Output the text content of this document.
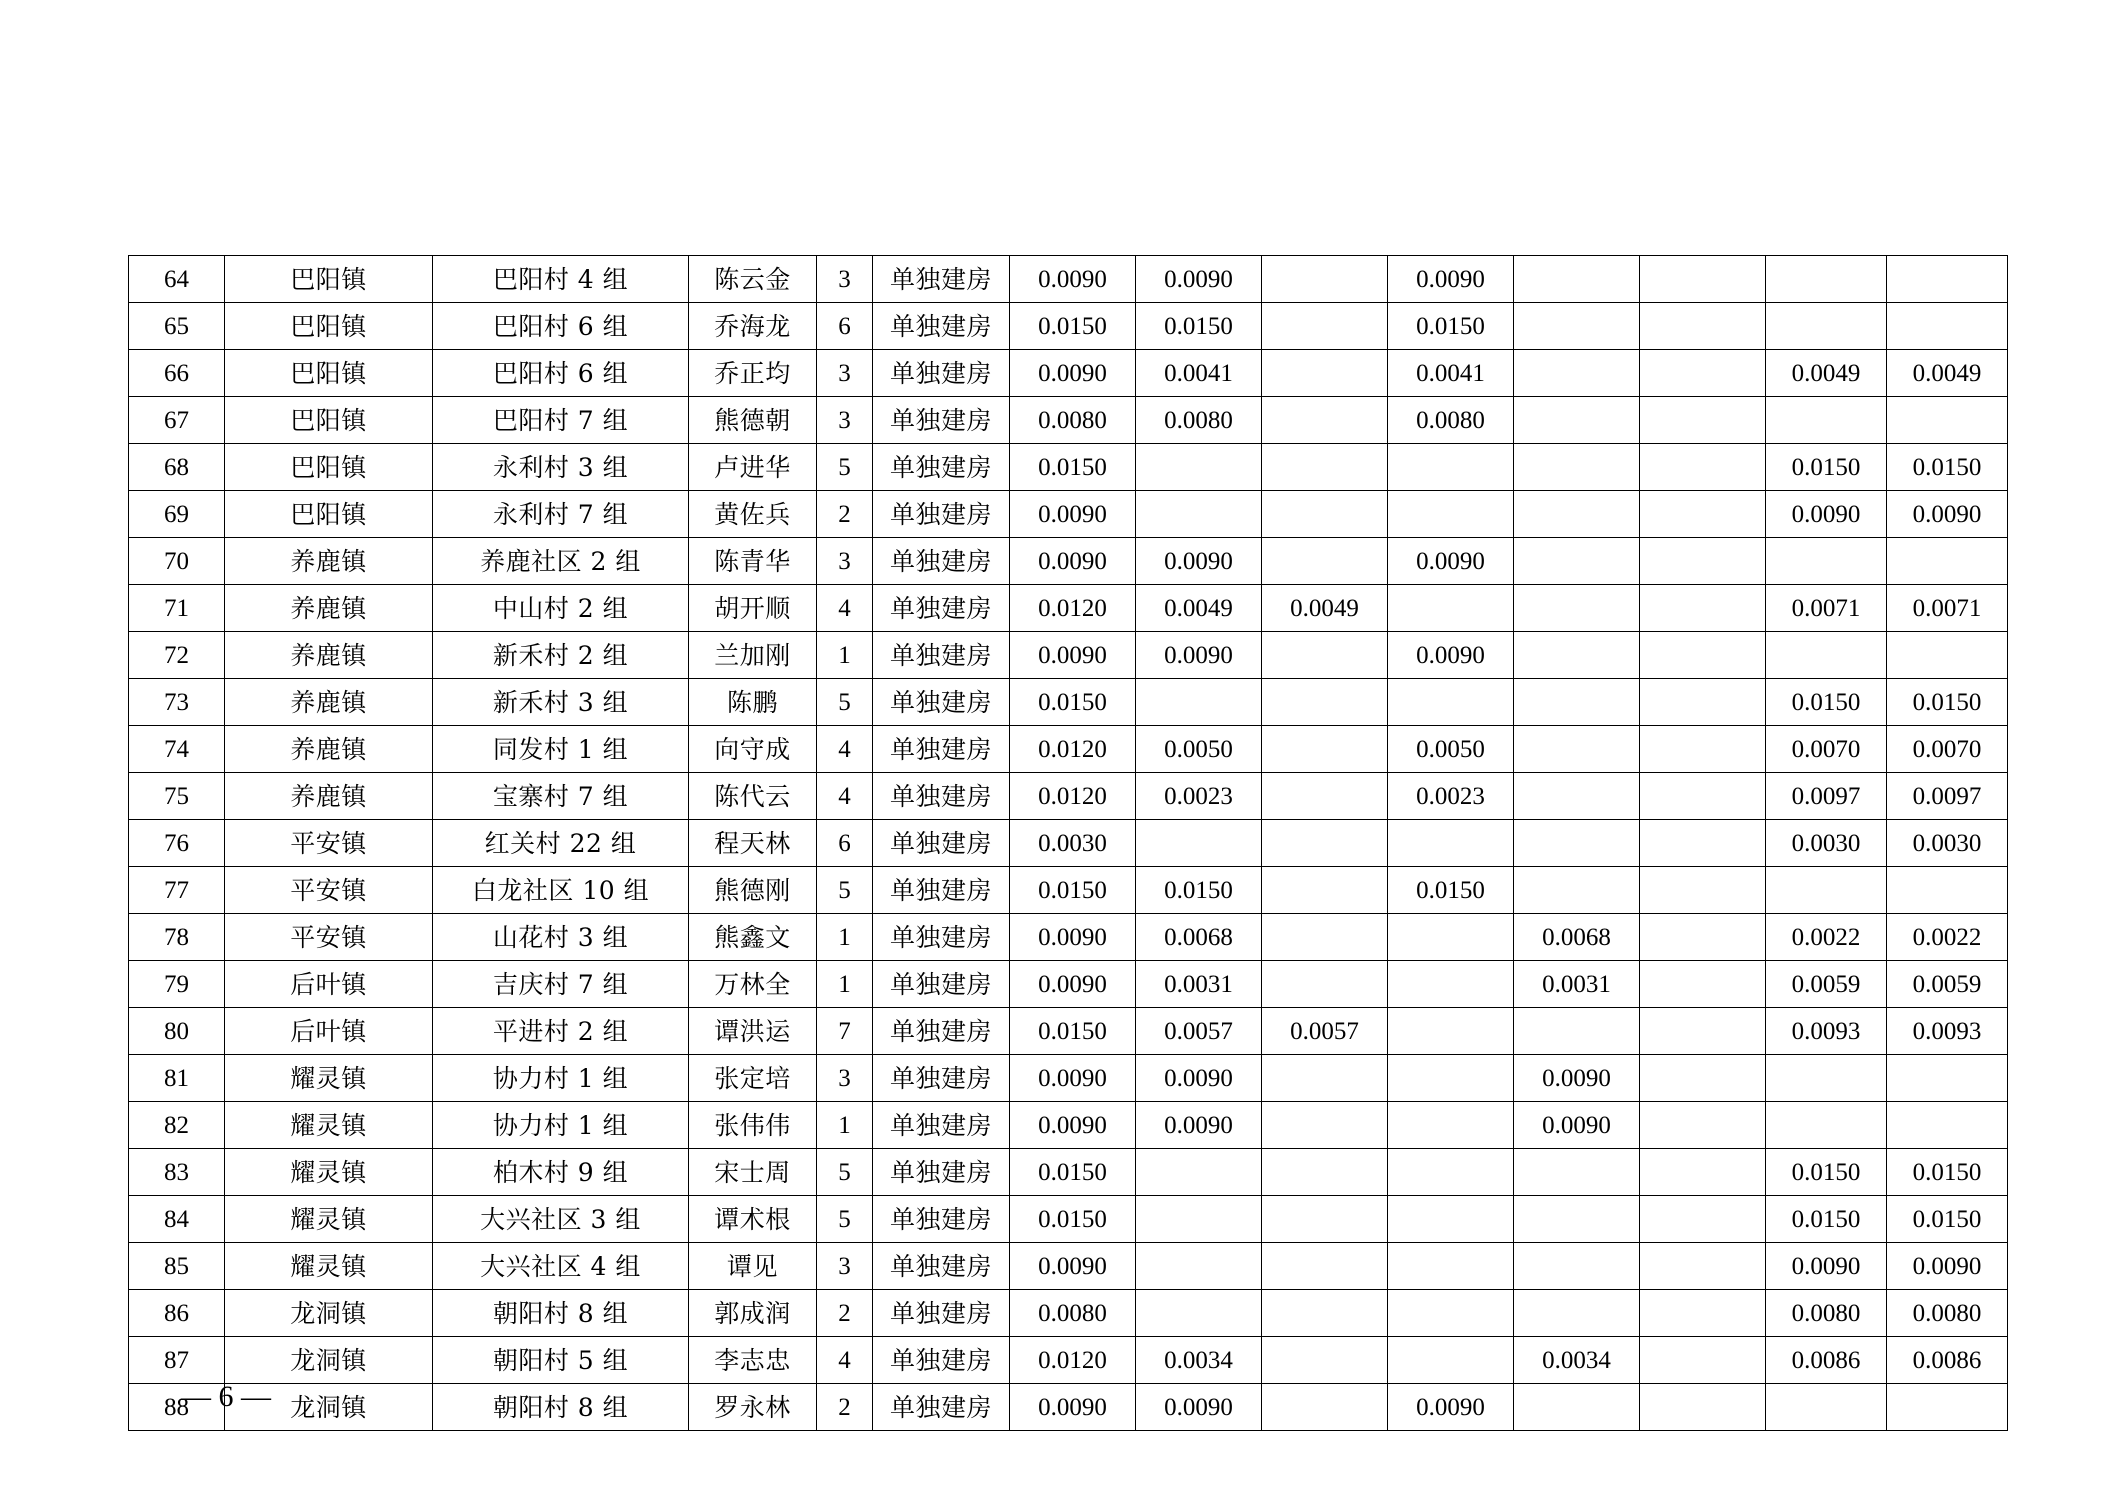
64	巴阳镇	巴阳村 4 组	陈云金	3	单独建房	0.0090	0.0090		0.0090				
65	巴阳镇	巴阳村 6 组	乔海龙	6	单独建房	0.0150	0.0150		0.0150				
66	巴阳镇	巴阳村 6 组	乔正均	3	单独建房	0.0090	0.0041		0.0041			0.0049	0.0049
67	巴阳镇	巴阳村 7 组	熊德朝	3	单独建房	0.0080	0.0080		0.0080				
68	巴阳镇	永利村 3 组	卢进华	5	单独建房	0.0150						0.0150	0.0150
69	巴阳镇	永利村 7 组	黄佐兵	2	单独建房	0.0090						0.0090	0.0090
70	养鹿镇	养鹿社区 2 组	陈青华	3	单独建房	0.0090	0.0090		0.0090				
71	养鹿镇	中山村 2 组	胡开顺	4	单独建房	0.0120	0.0049	0.0049				0.0071	0.0071
72	养鹿镇	新禾村 2 组	兰加刚	1	单独建房	0.0090	0.0090		0.0090				
73	养鹿镇	新禾村 3 组	陈鹏	5	单独建房	0.0150						0.0150	0.0150
74	养鹿镇	同发村 1 组	向守成	4	单独建房	0.0120	0.0050		0.0050			0.0070	0.0070
75	养鹿镇	宝寨村 7 组	陈代云	4	单独建房	0.0120	0.0023		0.0023			0.0097	0.0097
76	平安镇	红关村 22 组	程天林	6	单独建房	0.0030						0.0030	0.0030
77	平安镇	白龙社区 10 组	熊德刚	5	单独建房	0.0150	0.0150		0.0150				
78	平安镇	山花村 3 组	熊鑫文	1	单独建房	0.0090	0.0068			0.0068		0.0022	0.0022
79	后叶镇	吉庆村 7 组	万林全	1	单独建房	0.0090	0.0031			0.0031		0.0059	0.0059
80	后叶镇	平进村 2 组	谭洪运	7	单独建房	0.0150	0.0057	0.0057				0.0093	0.0093
81	耀灵镇	协力村 1 组	张定培	3	单独建房	0.0090	0.0090			0.0090			
82	耀灵镇	协力村 1 组	张伟伟	1	单独建房	0.0090	0.0090			0.0090			
83	耀灵镇	柏木村 9 组	宋士周	5	单独建房	0.0150						0.0150	0.0150
84	耀灵镇	大兴社区 3 组	谭术根	5	单独建房	0.0150						0.0150	0.0150
85	耀灵镇	大兴社区 4 组	谭见	3	单独建房	0.0090						0.0090	0.0090
86	龙洞镇	朝阳村 8 组	郭成润	2	单独建房	0.0080						0.0080	0.0080
87	龙洞镇	朝阳村 5 组	李志忠	4	单独建房	0.0120	0.0034			0.0034		0.0086	0.0086
88	龙洞镇	朝阳村 8 组	罗永林	2	单独建房	0.0090	0.0090		0.0090				
— 6 —
